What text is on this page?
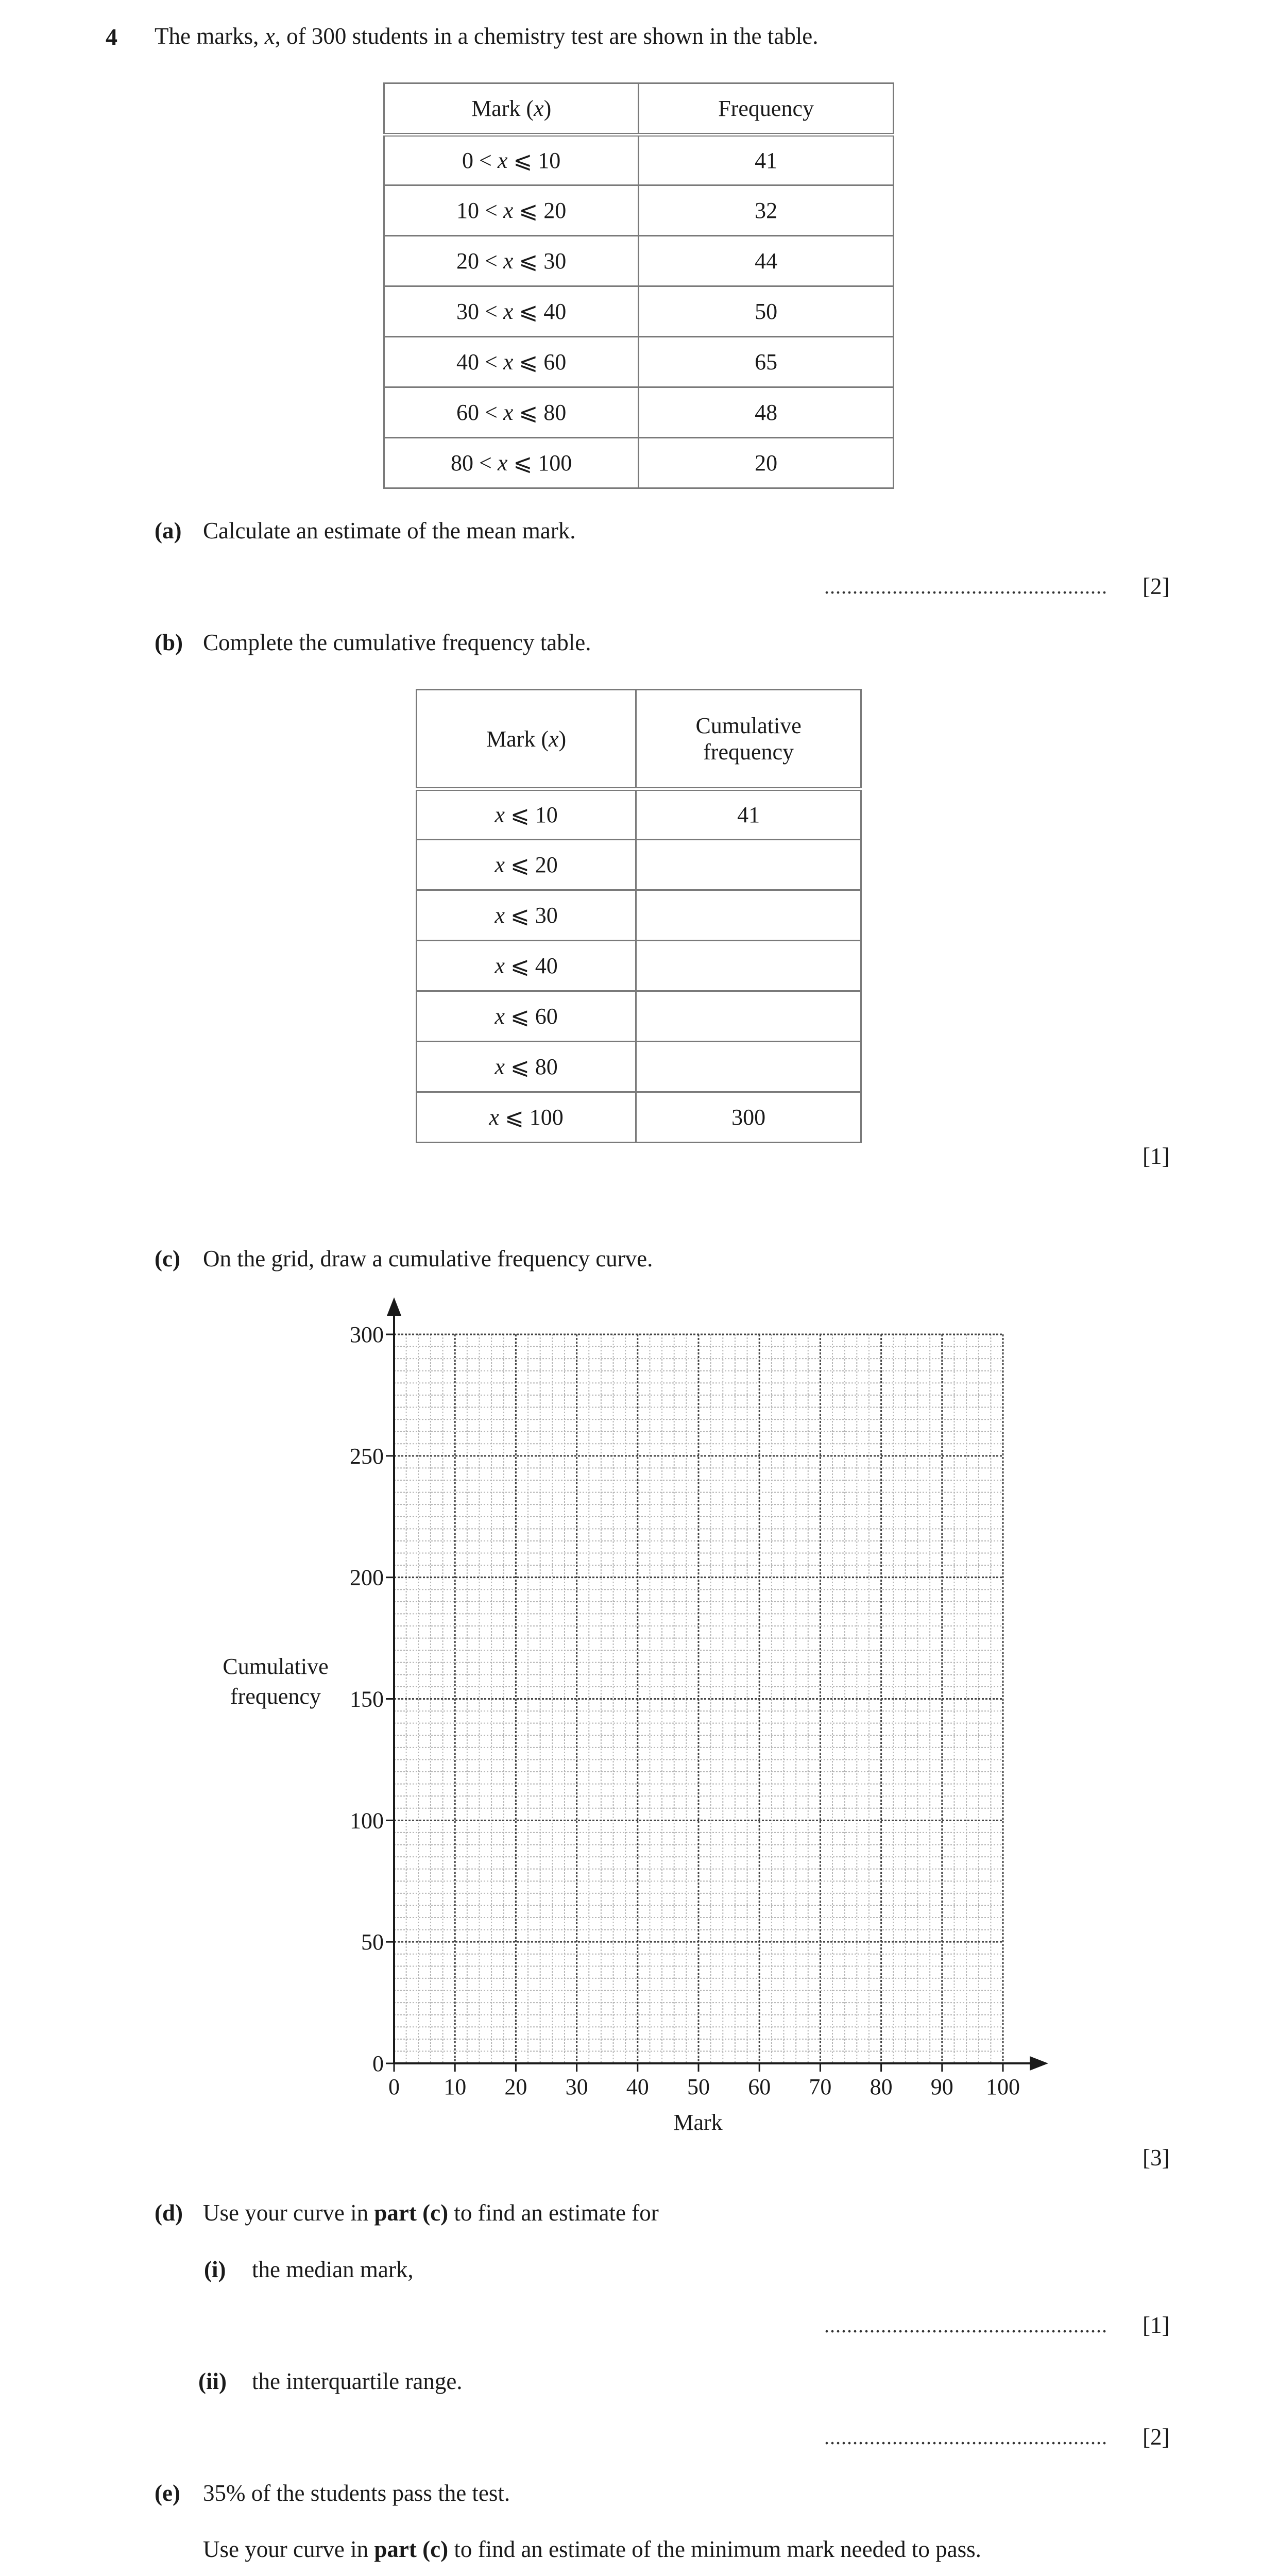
4 The marks, x, of 300 students in a chemistry test are shown in the table.
Mark (x)	Frequency
0 < x ⩽ 10	41
10 < x ⩽ 20	32
20 < x ⩽ 30	44
30 < x ⩽ 40	50
40 < x ⩽ 60	65
60 < x ⩽ 80	48
80 < x ⩽ 100	20
(a) Calculate an estimate of the mean mark.
.................................................. [2]
(b) Complete the cumulative frequency table.
Mark (x)	Cumulative
frequency
x ⩽ 10	41
x ⩽ 20	
x ⩽ 30	
x ⩽ 40	
x ⩽ 60	
x ⩽ 80	
x ⩽ 100	300
[1]
(c) On the grid, draw a cumulative frequency curve.
0 10 20 30 40 50 60 70 80 90 100
0
50
100
150
200
250
300
Mark
Cumulative
frequency
[3]
(d) Use your curve in part (c) to find an estimate for
(i) the median mark,
.................................................. [1]
(ii) the interquartile range.
.................................................. [2]
(e) 35% of the students pass the test.
Use your curve in part (c) to find an estimate of the minimum mark needed to pass.
